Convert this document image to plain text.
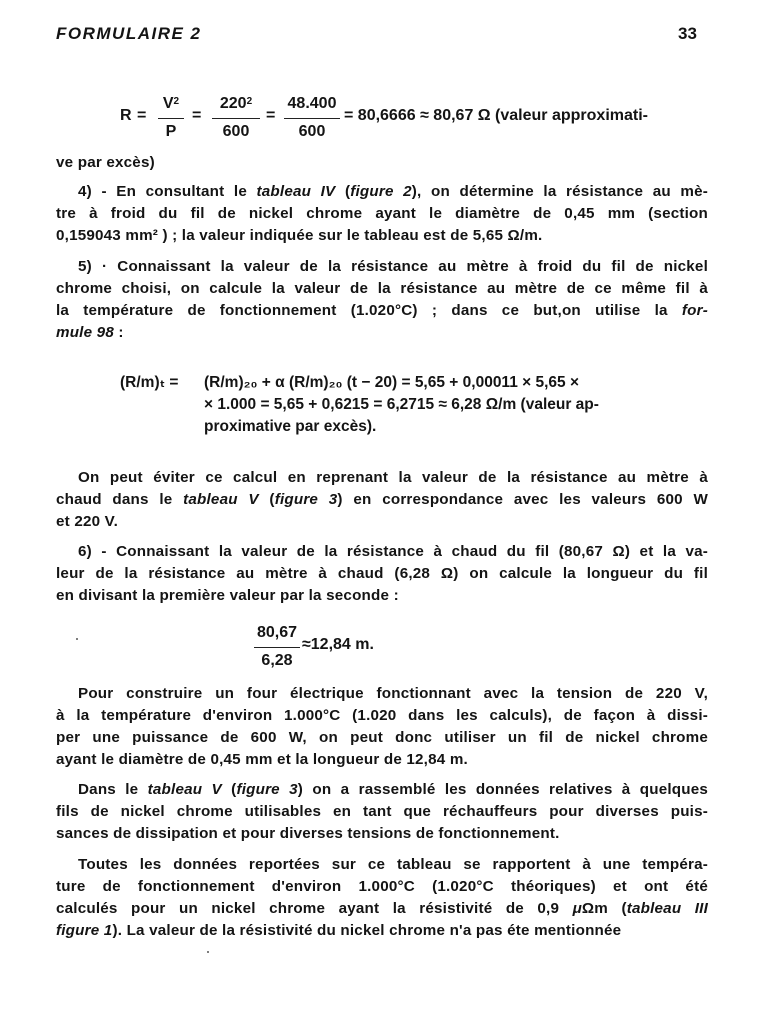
FORMULAIRE 2	33
R =
$V^2$
P
=
$220^2$
600
=
48.400
600
= 80,6666 ≈ 80,67 Ω (valeur approximati-
ve par excès)
4) - En consultant le tableau IV (figure 2), on détermine la résistance au mè-
tre à froid du fil de nickel chrome ayant le diamètre de 0,45 mm (section
0,159043 mm² ) ; la valeur indiquée sur le tableau est de 5,65 Ω/m.
5) · Connaissant la valeur de la résistance au mètre à froid du fil de nickel
chrome choisi, on calcule la valeur de la résistance au mètre de ce même fil à
la température de fonctionnement (1.020°C) ; dans ce but,on utilise la for-
mule 98 :
(R/m)ₜ = (R/m)₂₀ + α (R/m)₂₀ (t − 20) = 5,65 + 0,00011 × 5,65 ×
× 1.000 = 5,65 + 0,6215 = 6,2715 ≈ 6,28 Ω/m (valeur ap-
proximative par excès).
On peut éviter ce calcul en reprenant la valeur de la résistance au mètre à
chaud dans le tableau V (figure 3) en correspondance avec les valeurs 600 W
et 220 V.
6) - Connaissant la valeur de la résistance à chaud du fil (80,67 Ω) et la va-
leur de la résistance au mètre à chaud (6,28 Ω) on calcule la longueur du fil
en divisant la première valeur par la seconde :
80,67
6,28
≈12,84 m.
Pour construire un four électrique fonctionnant avec la tension de 220 V,
à la température d'environ 1.000°C (1.020 dans les calculs), de façon à dissi-
per une puissance de 600 W, on peut donc utiliser un fil de nickel chrome
ayant le diamètre de 0,45 mm et la longueur de 12,84 m.
Dans le tableau V (figure 3) on a rassemblé les données relatives à quelques
fils de nickel chrome utilisables en tant que réchauffeurs pour diverses puis-
sances de dissipation et pour diverses tensions de fonctionnement.
Toutes les données reportées sur ce tableau se rapportent à une tempéra-
ture de fonctionnement d'environ 1.000°C (1.020°C théoriques) et ont été
calculés pour un nickel chrome ayant la résistivité de 0,9 μΩm (tableau III
figure 1). La valeur de la résistivité du nickel chrome n'a pas éte mentionnée
